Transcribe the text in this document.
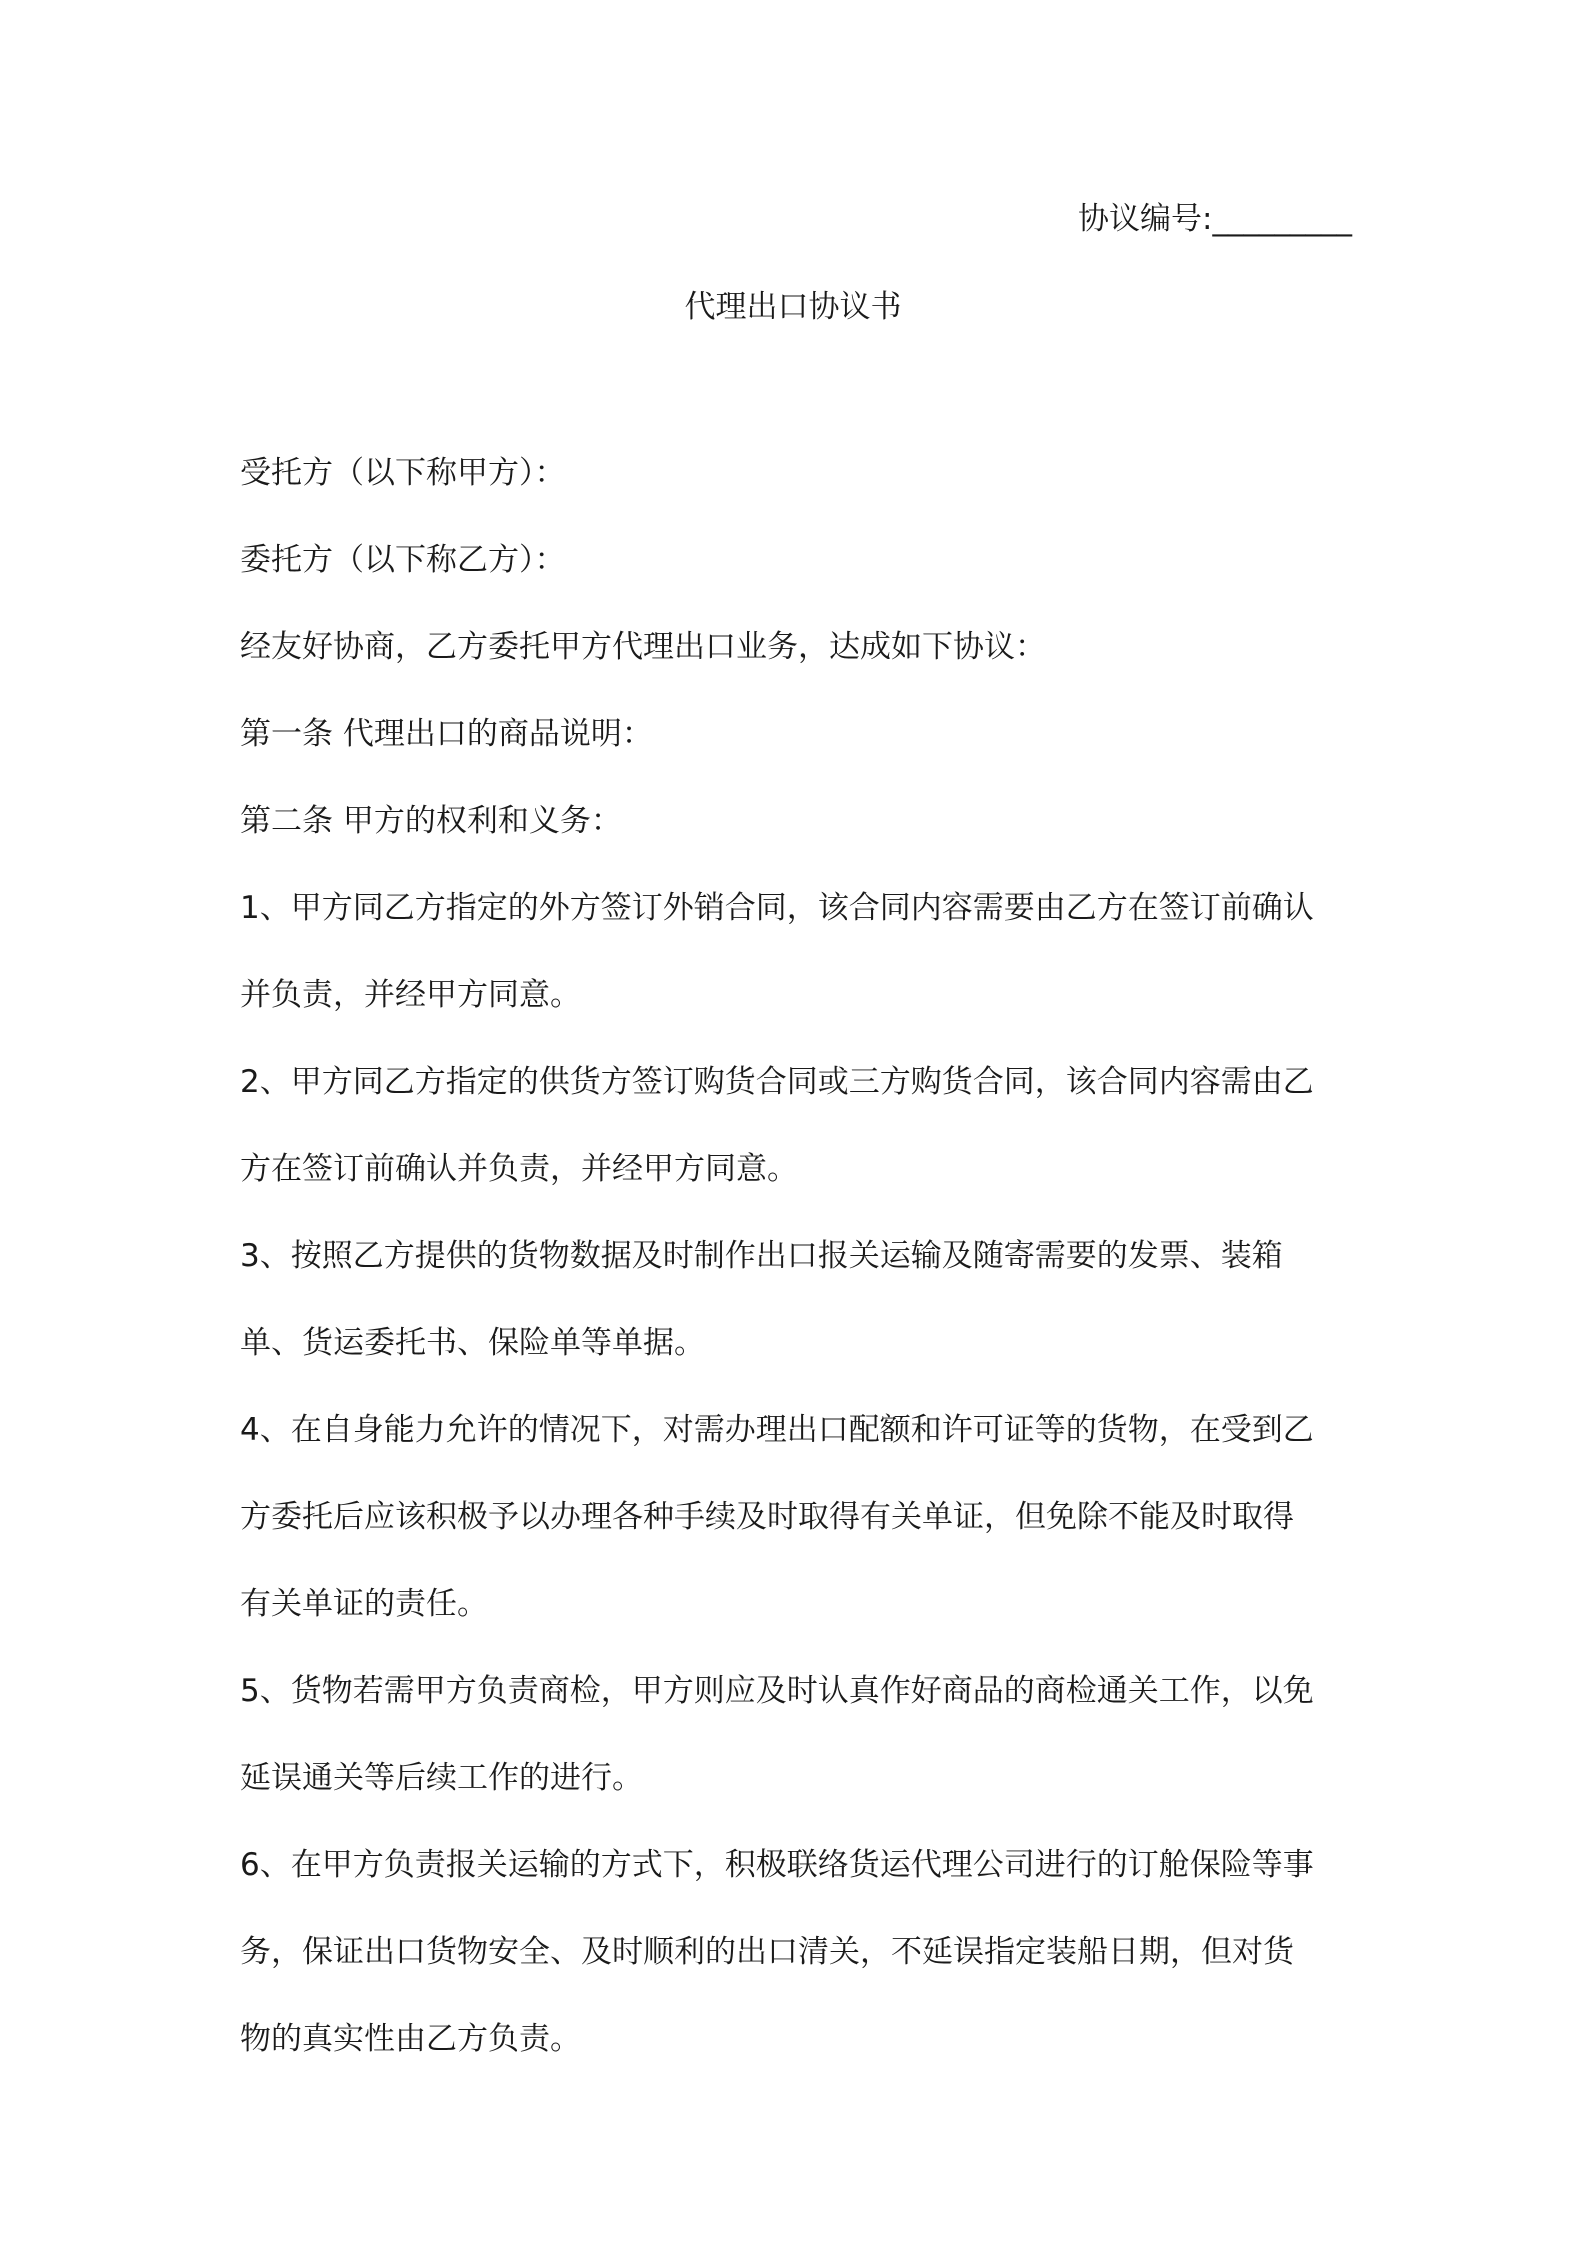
协议编号:_________
代理出口协议书
受托方（以下称甲方）：
委托方（以下称乙方）：
经友好协商，乙方委托甲方代理出口业务，达成如下协议：
第一条 代理出口的商品说明：
第二条 甲方的权利和义务：
1、甲方同乙方指定的外方签订外销合同，该合同内容需要由乙方在签订前确认
并负责，并经甲方同意。
2、甲方同乙方指定的供货方签订购货合同或三方购货合同，该合同内容需由乙
方在签订前确认并负责，并经甲方同意。
3、按照乙方提供的货物数据及时制作出口报关运输及随寄需要的发票、装箱
单、货运委托书、保险单等单据。
4、在自身能力允许的情况下，对需办理出口配额和许可证等的货物，在受到乙
方委托后应该积极予以办理各种手续及时取得有关单证，但免除不能及时取得
有关单证的责任。
5、货物若需甲方负责商检，甲方则应及时认真作好商品的商检通关工作，以免
延误通关等后续工作的进行。
6、在甲方负责报关运输的方式下，积极联络货运代理公司进行的订舱保险等事
务，保证出口货物安全、及时顺利的出口清关，不延误指定装船日期，但对货
物的真实性由乙方负责。
